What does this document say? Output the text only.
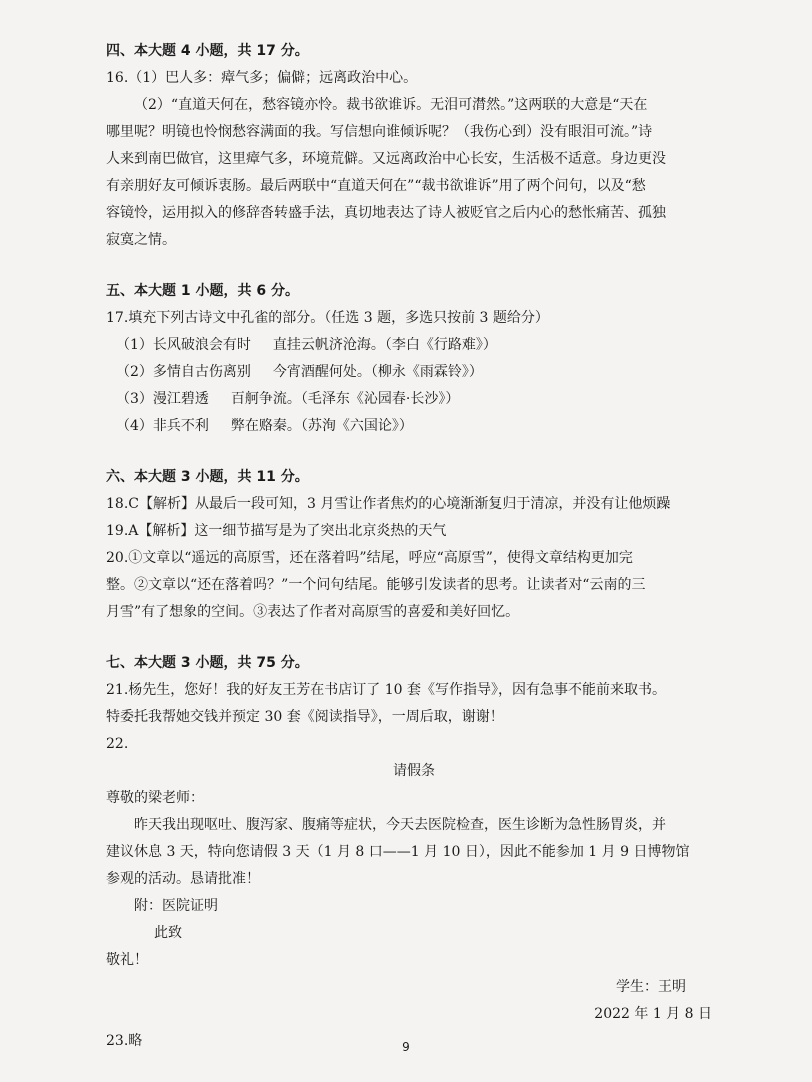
四、本大题 4 小题，共 17 分。
16.（1）巴人多：瘴气多；偏僻；远离政治中心。
（2）“直道天何在，愁容镜亦怜。裁书欲谁诉。无泪可潸然。”这两联的大意是“天在
哪里呢？明镜也怜悯愁容满面的我。写信想向谁倾诉呢？（我伤心到）没有眼泪可流。”诗
人来到南巴做官，这里瘴气多，环境荒僻。又远离政治中心长安，生活极不适意。身边更没
有亲朋好友可倾诉衷肠。最后两联中“直道天何在”“裁书欲谁诉”用了两个问句，以及“愁
容镜怜，运用拟入的修辞沓转盛手法，真切地表达了诗人被贬官之后内心的愁怅痛苦、孤独
寂寞之情。
五、本大题 1 小题，共 6 分。
17.填充下列古诗文中孔雀的部分。（任选 3 题，多选只按前 3 题给分）
（1）长风破浪会有时 直挂云帆济沧海。（李白《行路难》）
（2）多情自古伤离别 今宵酒醒何处。（柳永《雨霖铃》）
（3）漫江碧透 百舸争流。（毛泽东《沁园春·长沙》）
（4）非兵不利 弊在赂秦。（苏洵《六国论》）
六、本大题 3 小题，共 11 分。
18.C【解析】从最后一段可知，3 月雪让作者焦灼的心境渐渐复归于清凉，并没有让他烦躁
19.A【解析】这一细节描写是为了突出北京炎热的天气
20.①文章以“遥远的高原雪，还在落着吗”结尾，呼应“高原雪”，使得文章结构更加完
整。②文章以“还在落着吗？”一个问句结尾。能够引发读者的思考。让读者对“云南的三
月雪”有了想象的空间。③表达了作者对高原雪的喜爱和美好回忆。
七、本大题 3 小题，共 75 分。
21.杨先生，您好！我的好友王芳在书店订了 10 套《写作指导》，因有急事不能前来取书。
特委托我帮她交钱并预定 30 套《阅读指导》，一周后取，谢谢！
22.
请假条
尊敬的梁老师：
昨天我出现呕吐、腹泻家、腹痛等症状，今天去医院检查，医生诊断为急性肠胃炎，并
建议休息 3 天，特向您请假 3 天（1 月 8 口——1 月 10 日），因此不能参加 1 月 9 日博物馆
参观的活动。恳请批准！
附：医院证明
此致
敬礼！
学生：王明
2022 年 1 月 8 日
23.略	9
